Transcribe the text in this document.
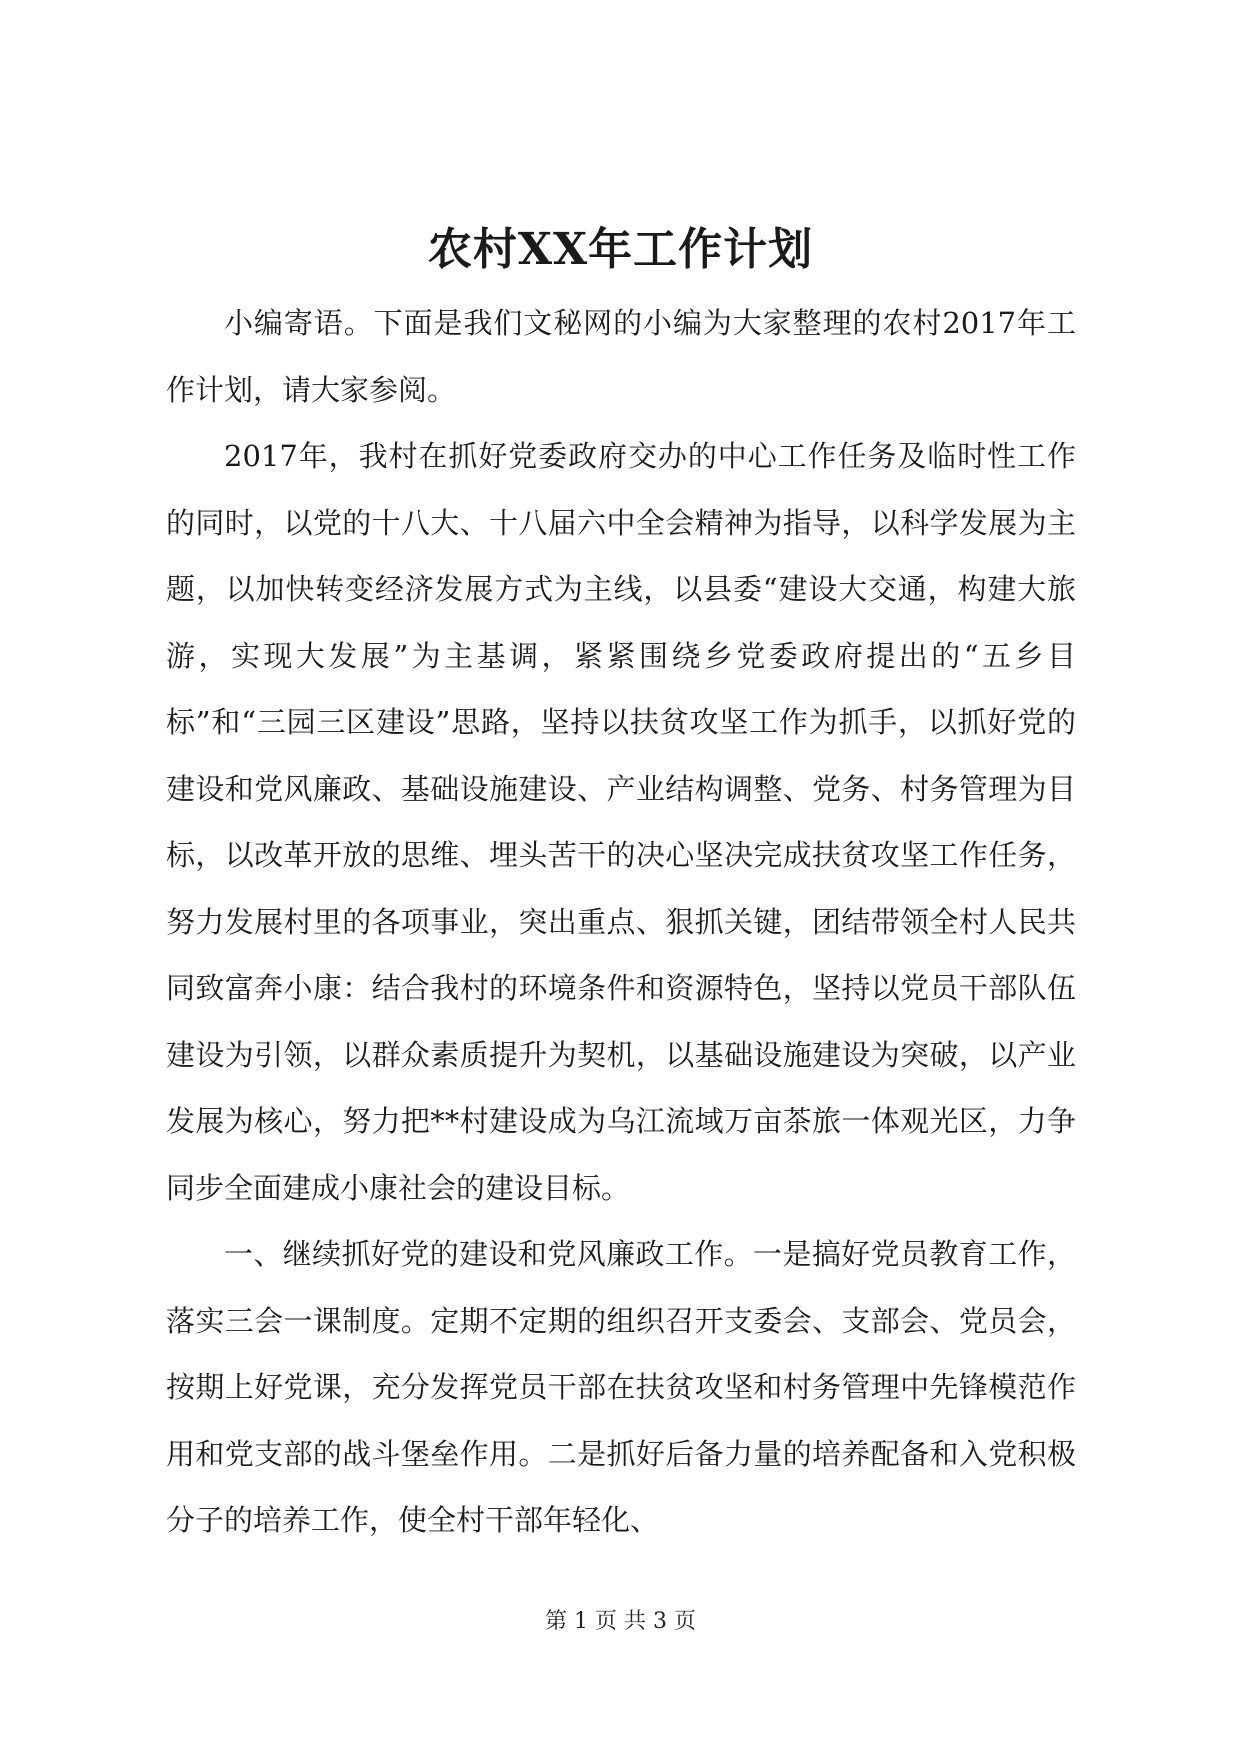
农村XX年工作计划

小编寄语。下面是我们文秘网的小编为大家整理的农村2017年工作计划，请大家参阅。

2017年，我村在抓好党委政府交办的中心工作任务及临时性工作的同时，以党的十八大、十八届六中全会精神为指导，以科学发展为主题，以加快转变经济发展方式为主线，以县委“建设大交通，构建大旅游，实现大发展”为主基调，紧紧围绕乡党委政府提出的“五乡目标”和“三园三区建设”思路，坚持以扶贫攻坚工作为抓手，以抓好党的建设和党风廉政、基础设施建设、产业结构调整、党务、村务管理为目标，以改革开放的思维、埋头苦干的决心坚决完成扶贫攻坚工作任务，努力发展村里的各项事业，突出重点、狠抓关键，团结带领全村人民共同致富奔小康：结合我村的环境条件和资源特色，坚持以党员干部队伍建设为引领，以群众素质提升为契机，以基础设施建设为突破，以产业发展为核心，努力把**村建设成为乌江流域万亩茶旅一体观光区，力争同步全面建成小康社会的建设目标。

一、继续抓好党的建设和党风廉政工作。一是搞好党员教育工作，落实三会一课制度。定期不定期的组织召开支委会、支部会、党员会，按期上好党课，充分发挥党员干部在扶贫攻坚和村务管理中先锋模范作用和党支部的战斗堡垒作用。二是抓好后备力量的培养配备和入党积极分子的培养工作，使全村干部年轻化、

第 1 页 共 3 页
